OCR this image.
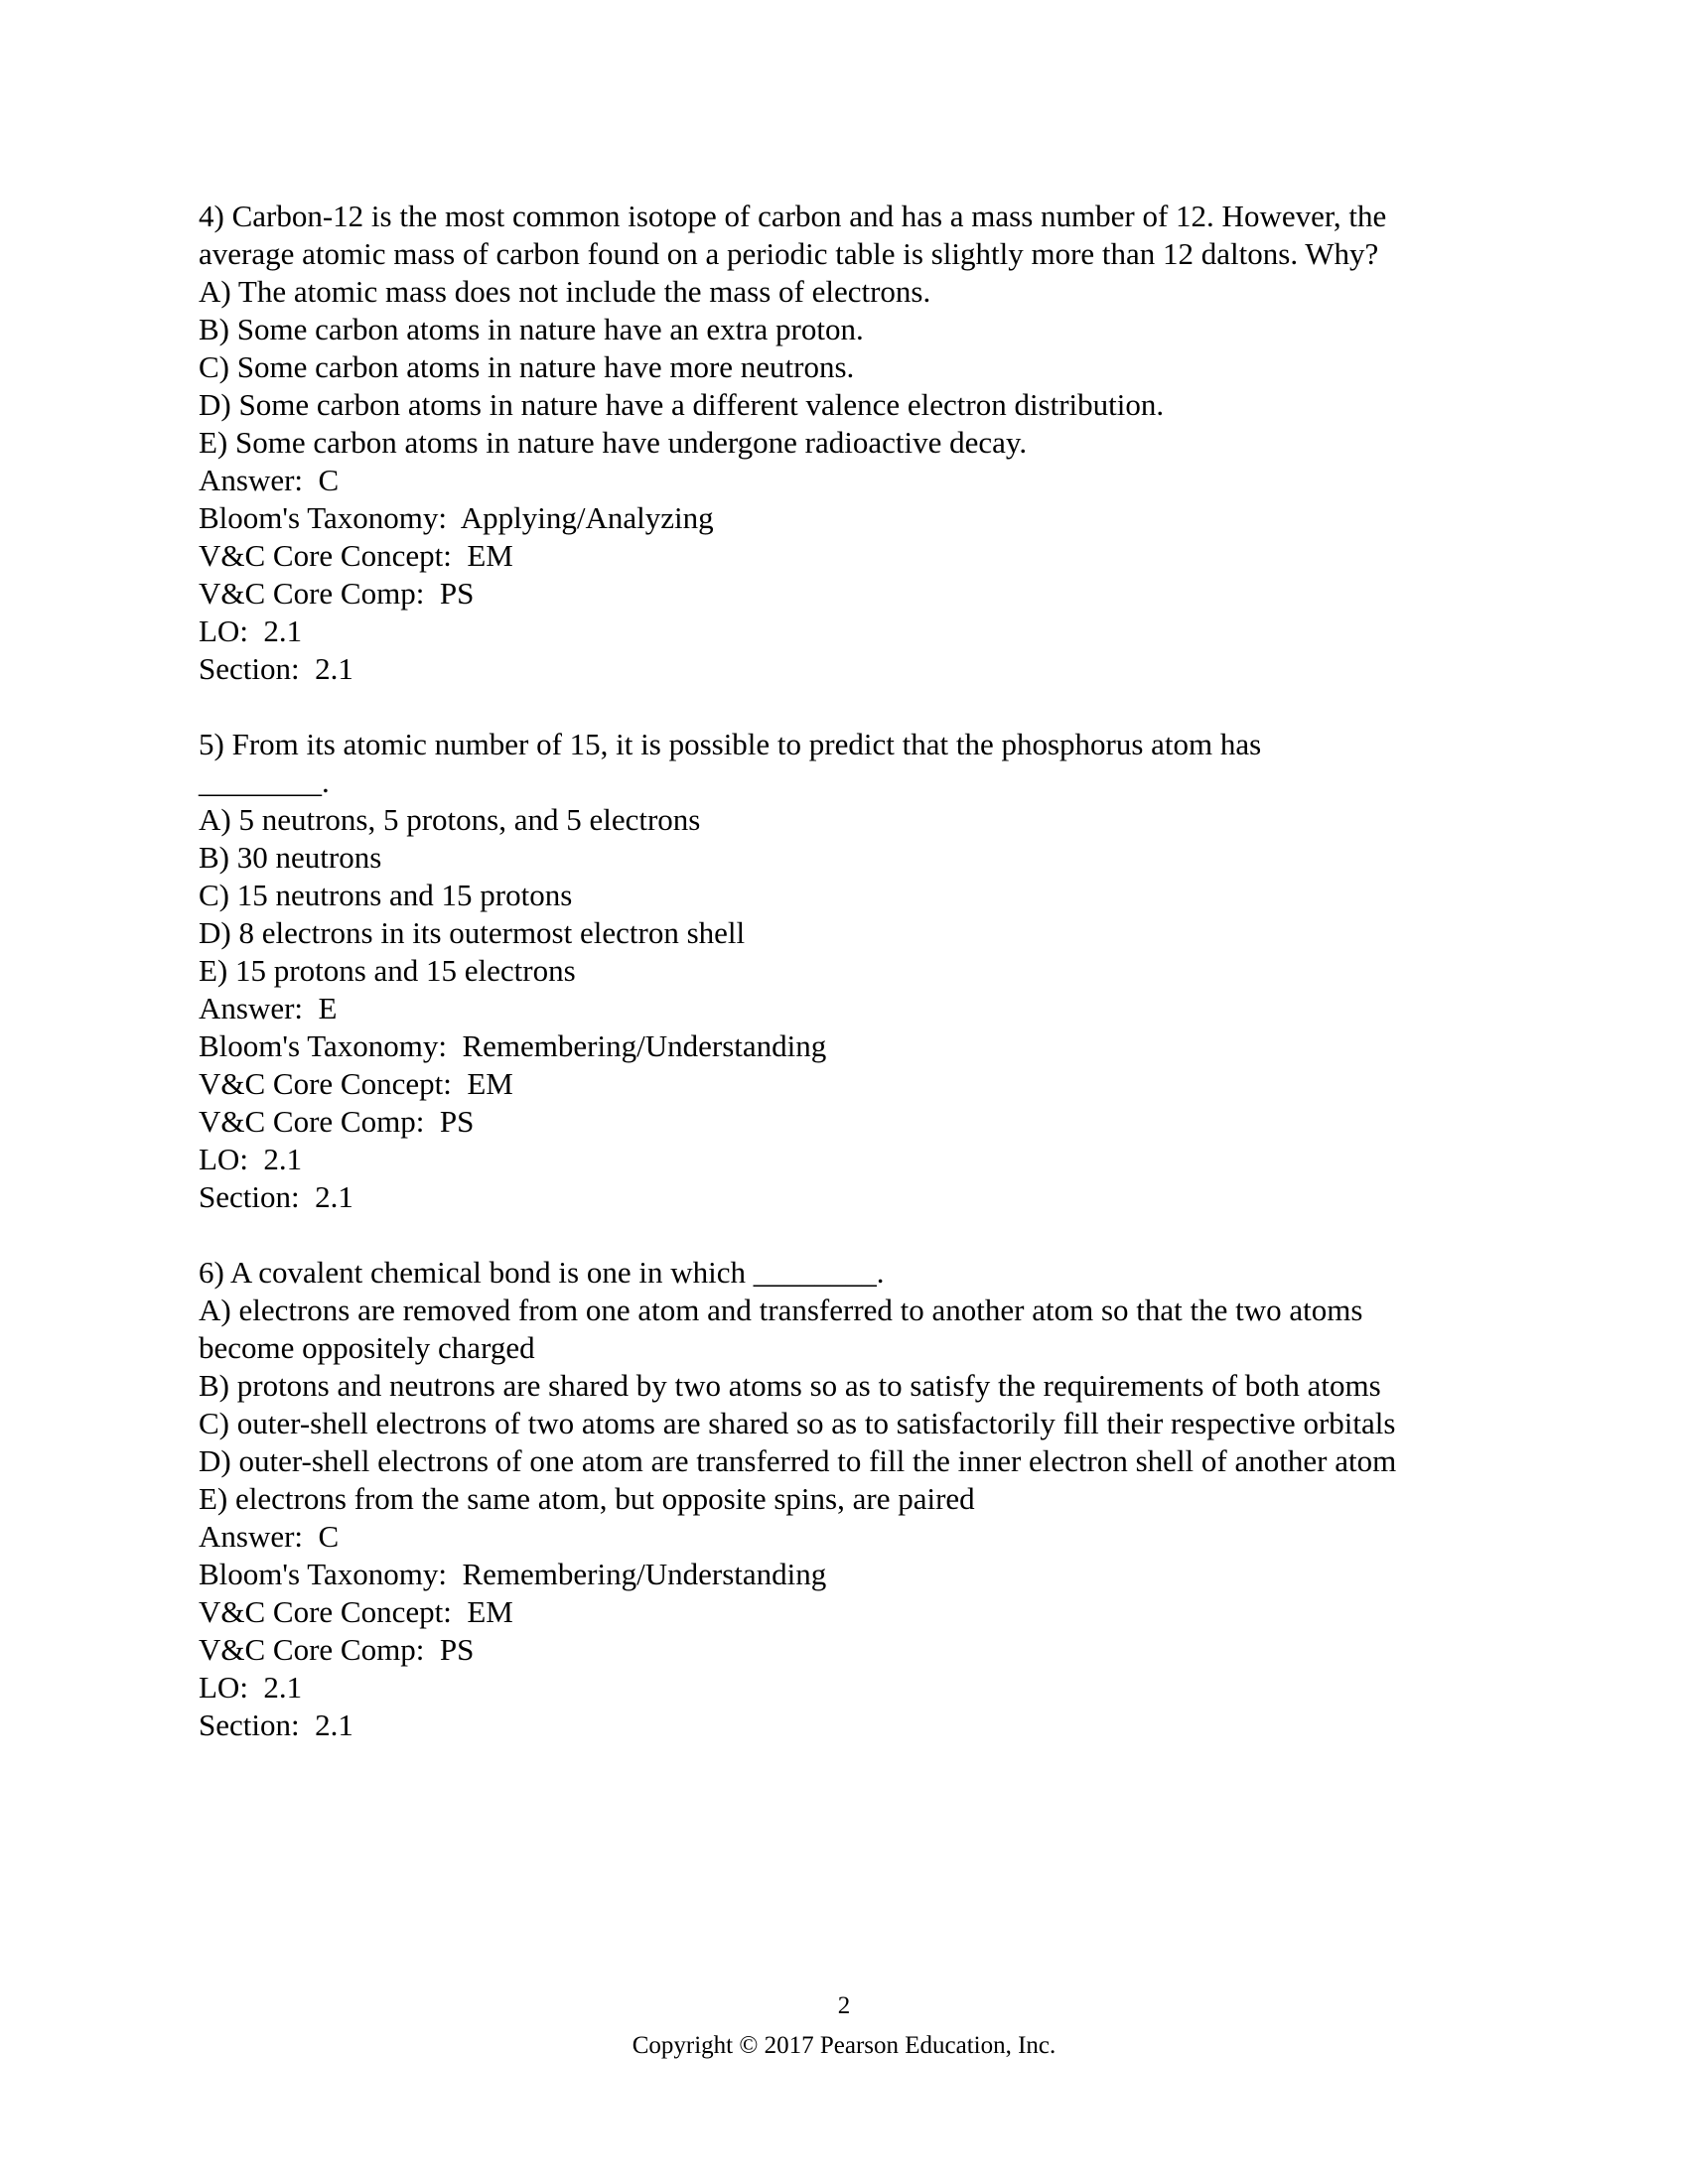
4) Carbon-12 is the most common isotope of carbon and has a mass number of 12. However, the
average atomic mass of carbon found on a periodic table is slightly more than 12 daltons. Why?
A) The atomic mass does not include the mass of electrons.
B) Some carbon atoms in nature have an extra proton.
C) Some carbon atoms in nature have more neutrons.
D) Some carbon atoms in nature have a different valence electron distribution.
E) Some carbon atoms in nature have undergone radioactive decay.
Answer:  C
Bloom's Taxonomy:  Applying/Analyzing
V&C Core Concept:  EM
V&C Core Comp:  PS
LO:  2.1
Section:  2.1
5) From its atomic number of 15, it is possible to predict that the phosphorus atom has
________.
A) 5 neutrons, 5 protons, and 5 electrons
B) 30 neutrons
C) 15 neutrons and 15 protons
D) 8 electrons in its outermost electron shell
E) 15 protons and 15 electrons
Answer:  E
Bloom's Taxonomy:  Remembering/Understanding
V&C Core Concept:  EM
V&C Core Comp:  PS
LO:  2.1
Section:  2.1
6) A covalent chemical bond is one in which ________.
A) electrons are removed from one atom and transferred to another atom so that the two atoms
become oppositely charged
B) protons and neutrons are shared by two atoms so as to satisfy the requirements of both atoms
C) outer-shell electrons of two atoms are shared so as to satisfactorily fill their respective orbitals
D) outer-shell electrons of one atom are transferred to fill the inner electron shell of another atom
E) electrons from the same atom, but opposite spins, are paired
Answer:  C
Bloom's Taxonomy:  Remembering/Understanding
V&C Core Concept:  EM
V&C Core Comp:  PS
LO:  2.1
Section:  2.1
2
Copyright © 2017 Pearson Education, Inc.
